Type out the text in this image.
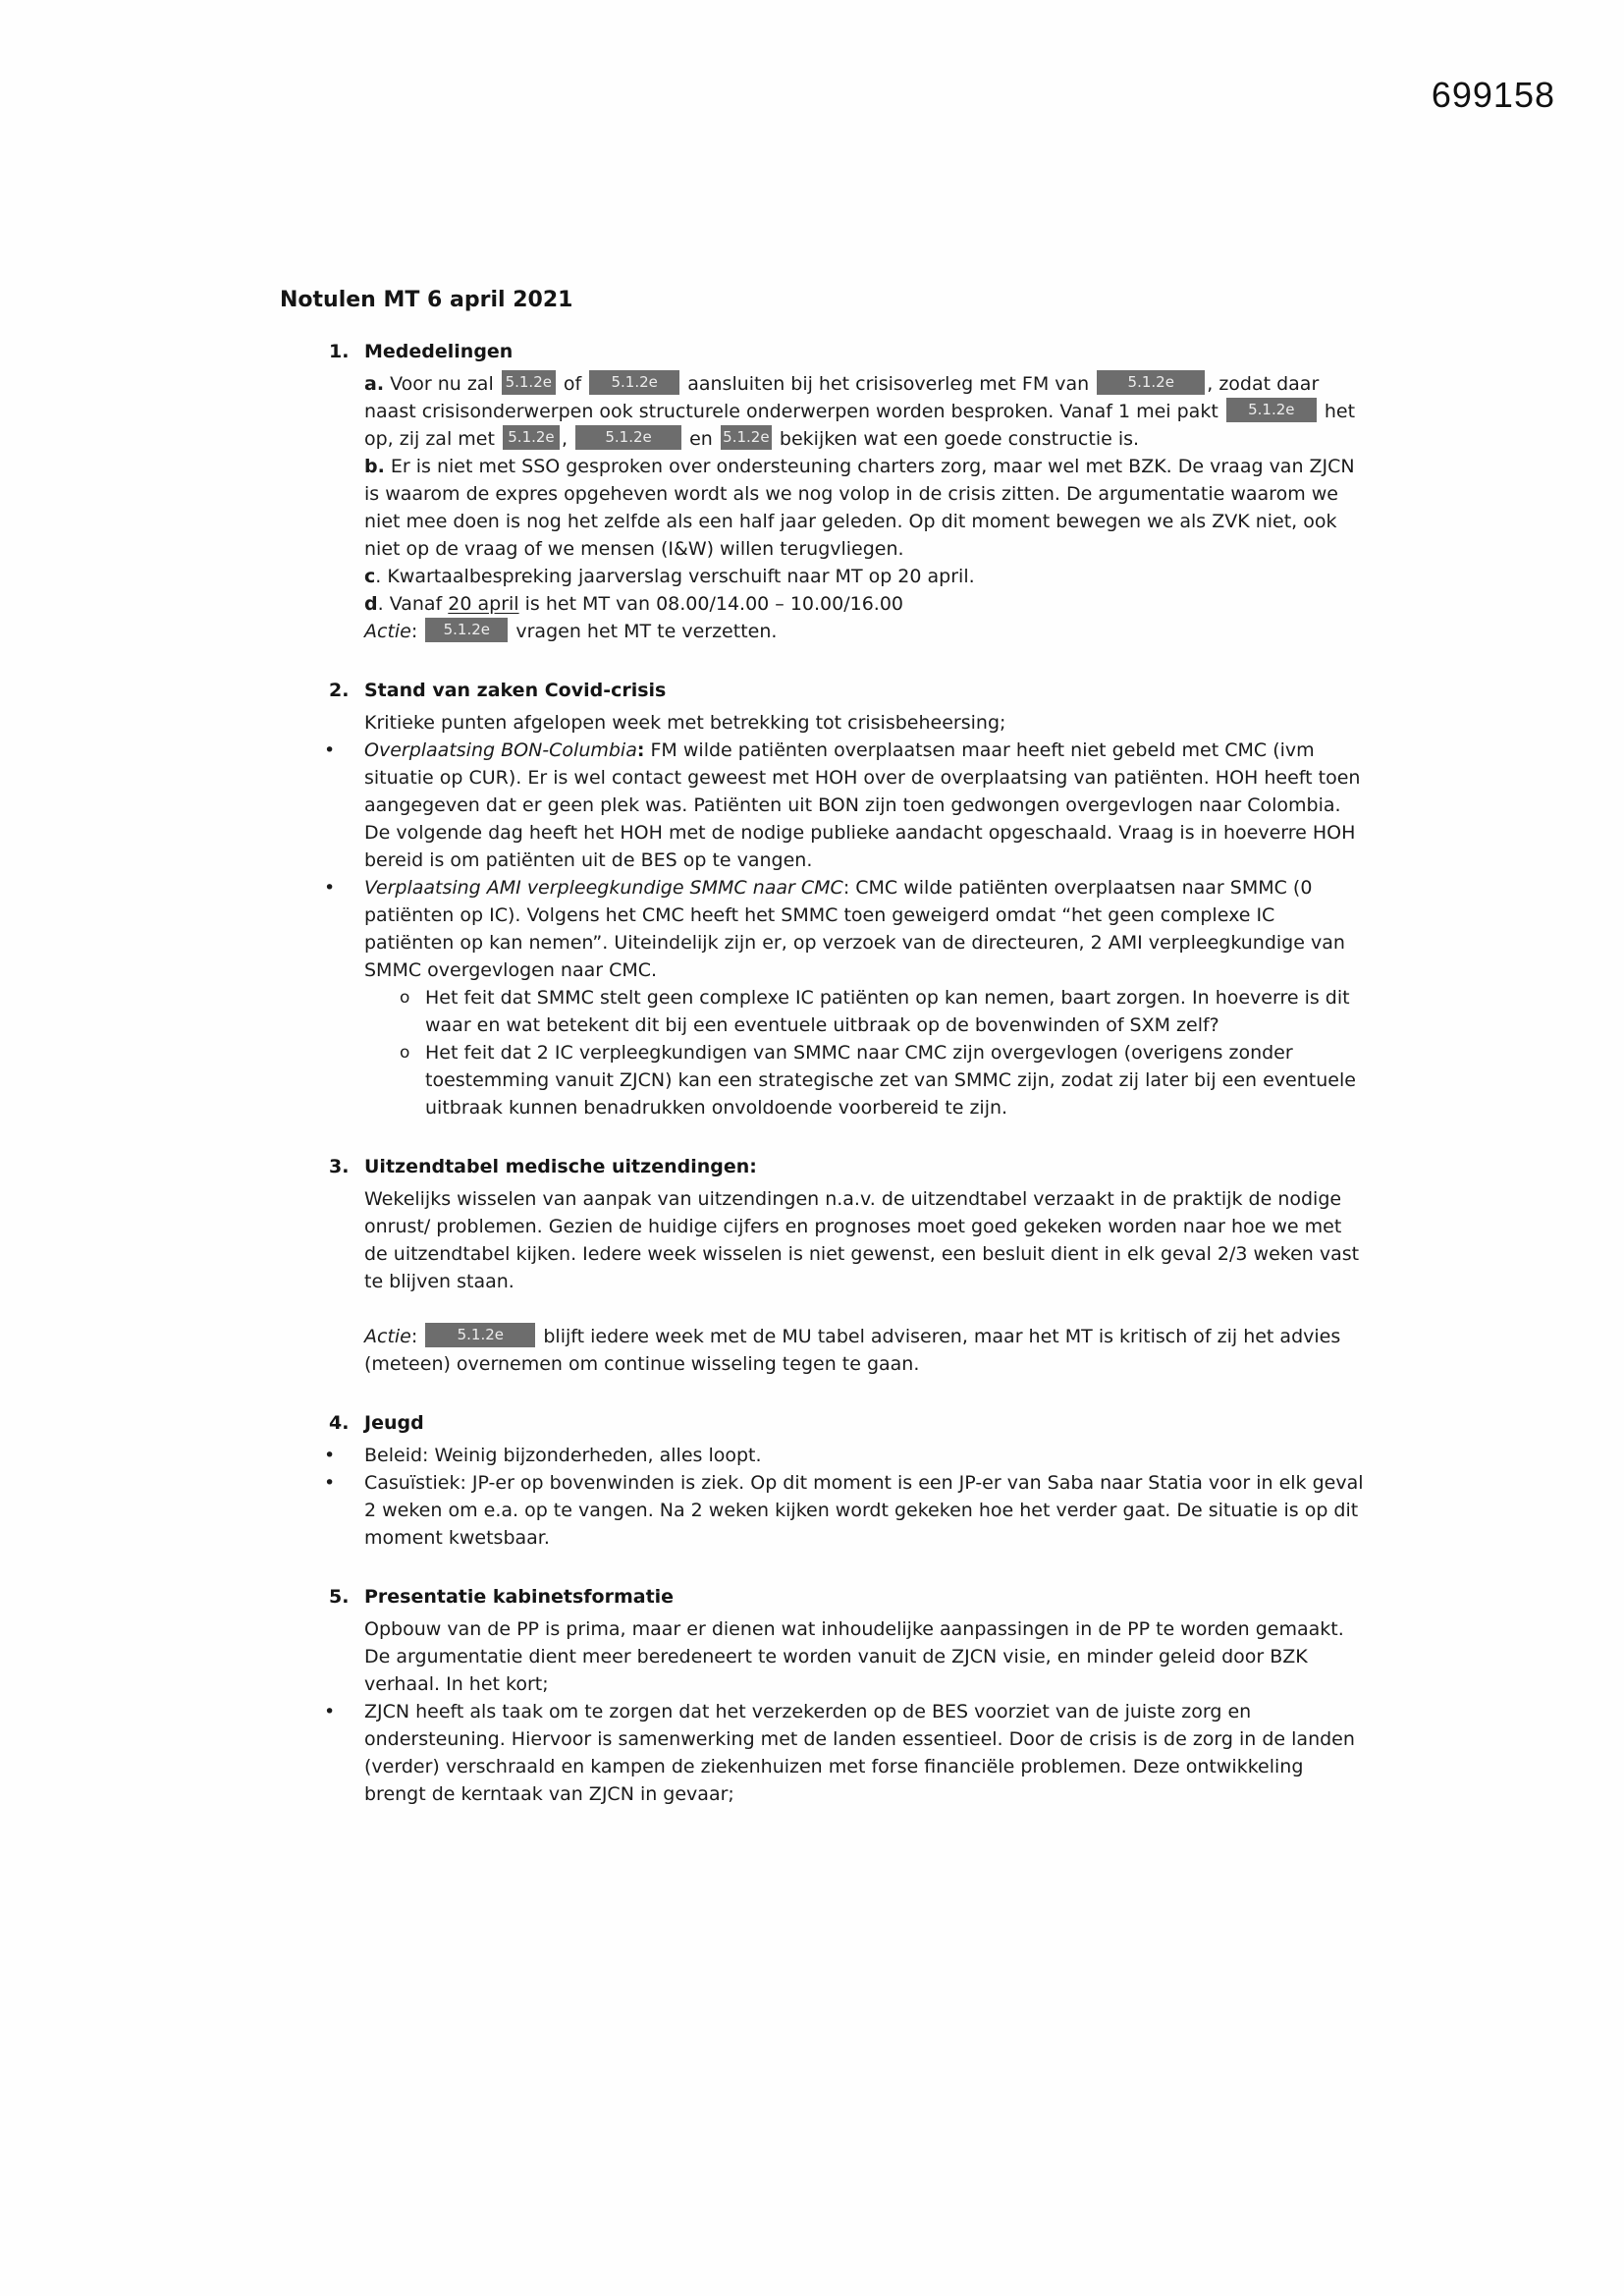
699158
Notulen MT 6 april 2021
1. Mededelingen
a. Voor nu zal 5.1.2e of 5.1.2e aansluiten bij het crisisoverleg met FM van 5.1.2e , zodat daar naast crisisonderwerpen ook structurele onderwerpen worden besproken. Vanaf 1 mei pakt 5.1.2e het op, zij zal met 5.1.2e , 5.1.2e en 5.1.2e bekijken wat een goede constructie is.
b. Er is niet met SSO gesproken over ondersteuning charters zorg, maar wel met BZK. De vraag van ZJCN is waarom de expres opgeheven wordt als we nog volop in de crisis zitten. De argumentatie waarom we niet mee doen is nog het zelfde als een half jaar geleden. Op dit moment bewegen we als ZVK niet, ook niet op de vraag of we mensen (I&W) willen terugvliegen.
c. Kwartaalbespreking jaarverslag verschuift naar MT op 20 april.
d. Vanaf 20 april is het MT van 08.00/14.00 – 10.00/16.00
Actie: 5.1.2e vragen het MT te verzetten.
2. Stand van zaken Covid-crisis
Kritieke punten afgelopen week met betrekking tot crisisbeheersing;
• Overplaatsing BON-Columbia: FM wilde patiënten overplaatsen maar heeft niet gebeld met CMC (ivm situatie op CUR). Er is wel contact geweest met HOH over de overplaatsing van patiënten. HOH heeft toen aangegeven dat er geen plek was. Patiënten uit BON zijn toen gedwongen overgevlogen naar Colombia. De volgende dag heeft het HOH met de nodige publieke aandacht opgeschaald. Vraag is in hoeverre HOH bereid is om patiënten uit de BES op te vangen.
• Verplaatsing AMI verpleegkundige SMMC naar CMC: CMC wilde patiënten overplaatsen naar SMMC (0 patiënten op IC). Volgens het CMC heeft het SMMC toen geweigerd omdat “het geen complexe IC patiënten op kan nemen”. Uiteindelijk zijn er, op verzoek van de directeuren, 2 AMI verpleegkundige van SMMC overgevlogen naar CMC.
o Het feit dat SMMC stelt geen complexe IC patiënten op kan nemen, baart zorgen. In hoeverre is dit waar en wat betekent dit bij een eventuele uitbraak op de bovenwinden of SXM zelf?
o Het feit dat 2 IC verpleegkundigen van SMMC naar CMC zijn overgevlogen (overigens zonder toestemming vanuit ZJCN) kan een strategische zet van SMMC zijn, zodat zij later bij een eventuele uitbraak kunnen benadrukken onvoldoende voorbereid te zijn.
3. Uitzendtabel medische uitzendingen:
Wekelijks wisselen van aanpak van uitzendingen n.a.v. de uitzendtabel verzaakt in de praktijk de nodige onrust/ problemen. Gezien de huidige cijfers en prognoses moet goed gekeken worden naar hoe we met de uitzendtabel kijken. Iedere week wisselen is niet gewenst, een besluit dient in elk geval 2/3 weken vast te blijven staan.
Actie: 5.1.2e blijft iedere week met de MU tabel adviseren, maar het MT is kritisch of zij het advies (meteen) overnemen om continue wisseling tegen te gaan.
4. Jeugd
• Beleid: Weinig bijzonderheden, alles loopt.
• Casuïstiek: JP-er op bovenwinden is ziek. Op dit moment is een JP-er van Saba naar Statia voor in elk geval 2 weken om e.a. op te vangen. Na 2 weken kijken wordt gekeken hoe het verder gaat. De situatie is op dit moment kwetsbaar.
5. Presentatie kabinetsformatie
Opbouw van de PP is prima, maar er dienen wat inhoudelijke aanpassingen in de PP te worden gemaakt. De argumentatie dient meer beredeneert te worden vanuit de ZJCN visie, en minder geleid door BZK verhaal. In het kort;
• ZJCN heeft als taak om te zorgen dat het verzekerden op de BES voorziet van de juiste zorg en ondersteuning. Hiervoor is samenwerking met de landen essentieel. Door de crisis is de zorg in de landen (verder) verschraald en kampen de ziekenhuizen met forse financiële problemen. Deze ontwikkeling brengt de kerntaak van ZJCN in gevaar;
